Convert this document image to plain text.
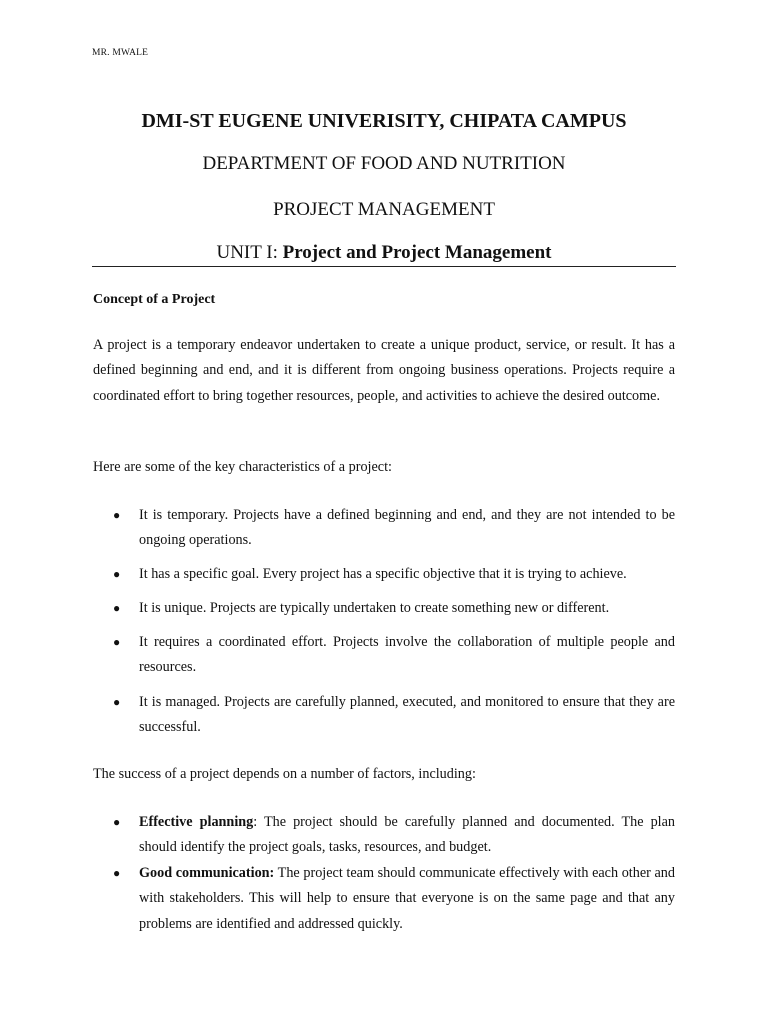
MR. MWALE
DMI-ST EUGENE UNIVERISITY, CHIPATA CAMPUS
DEPARTMENT OF FOOD AND NUTRITION
PROJECT MANAGEMENT
UNIT I: Project and Project Management
Concept of a Project
A project is a temporary endeavor undertaken to create a unique product, service, or result. It has a defined beginning and end, and it is different from ongoing business operations. Projects require a coordinated effort to bring together resources, people, and activities to achieve the desired outcome.
Here are some of the key characteristics of a project:
● It is temporary. Projects have a defined beginning and end, and they are not intended to be ongoing operations.
● It has a specific goal. Every project has a specific objective that it is trying to achieve.
● It is unique. Projects are typically undertaken to create something new or different.
● It requires a coordinated effort. Projects involve the collaboration of multiple people and resources.
● It is managed. Projects are carefully planned, executed, and monitored to ensure that they are successful.
The success of a project depends on a number of factors, including:
● Effective planning: The project should be carefully planned and documented. The plan should identify the project goals, tasks, resources, and budget.
● Good communication: The project team should communicate effectively with each other and with stakeholders. This will help to ensure that everyone is on the same page and that any problems are identified and addressed quickly.
